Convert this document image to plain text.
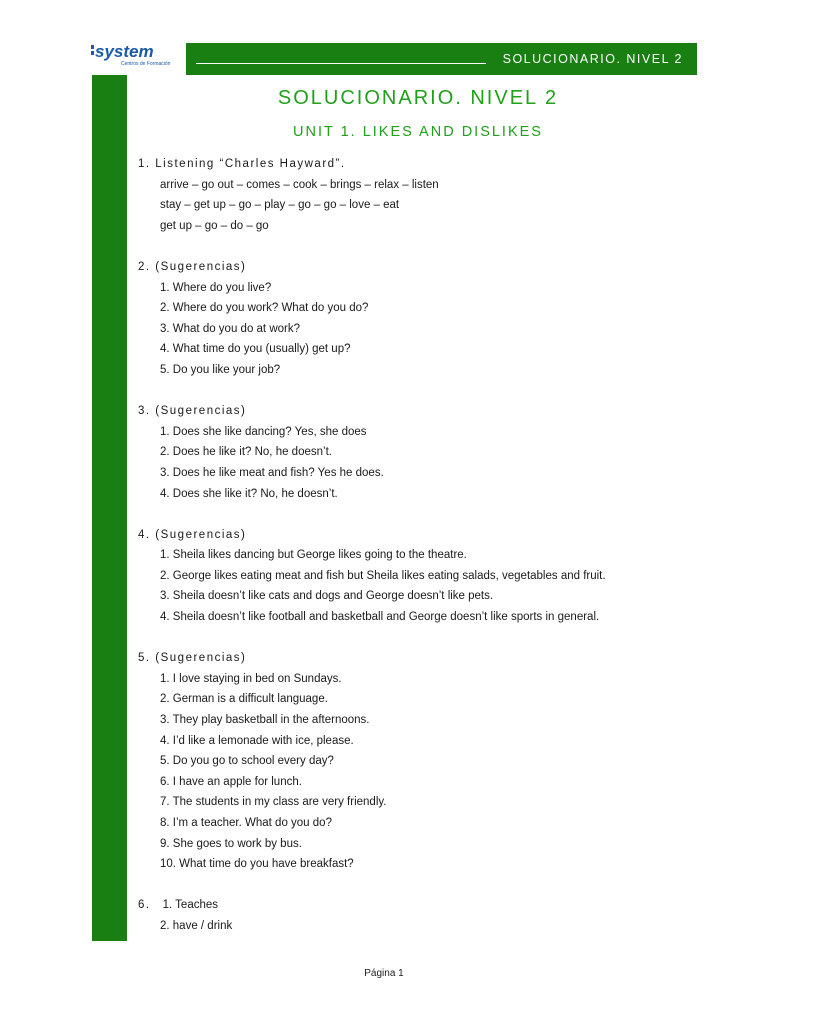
system
Centros de Formación	SOLUCIONARIO. NIVEL 2
SOLUCIONARIO. NIVEL 2
UNIT 1. LIKES AND DISLIKES
1. Listening “Charles Hayward”.
arrive – go out – comes – cook – brings – relax – listen
stay – get up – go – play – go – go – love – eat
get up – go – do – go
2. (Sugerencias)
1. Where do you live?
2. Where do you work? What do you do?
3. What do you do at work?
4. What time do you (usually) get up?
5. Do you like your job?
3. (Sugerencias)
1. Does she like dancing? Yes, she does
2. Does he like it? No, he doesn’t.
3. Does he like meat and fish? Yes he does.
4. Does she like it? No, he doesn’t.
4. (Sugerencias)
1. Sheila likes dancing but George likes going to the theatre.
2. George likes eating meat and fish but Sheila likes eating salads, vegetables and fruit.
3. Sheila doesn’t like cats and dogs and George doesn’t like pets.
4. Sheila doesn’t like football and basketball and George doesn’t like sports in general.
5. (Sugerencias)
1. I love staying in bed on Sundays.
2. German is a difficult language.
3. They play basketball in the afternoons.
4. I’d like a lemonade with ice, please.
5. Do you go to school every day?
6. I have an apple for lunch.
7. The students in my class are very friendly.
8. I’m a teacher. What do you do?
9. She goes to work by bus.
10. What time do you have breakfast?
6. 1. Teaches
2. have / drink
Página 1
